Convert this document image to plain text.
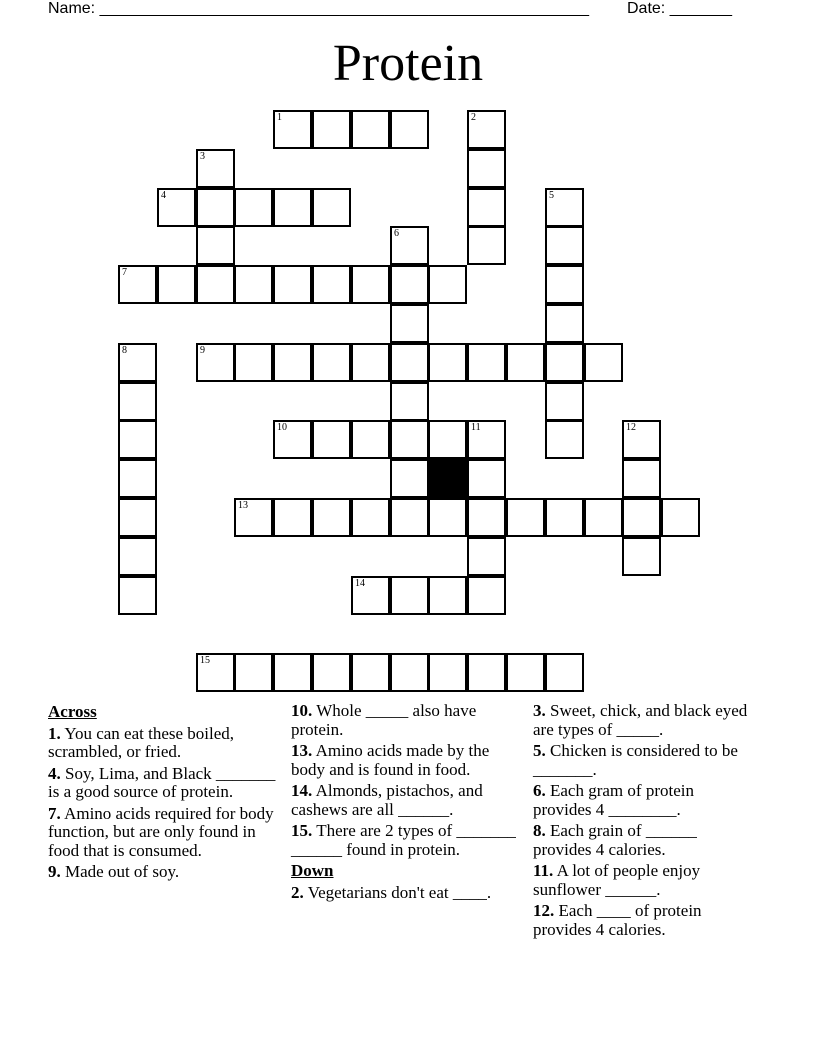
Name: _______________________________________________________ Date: _______
Protein
1
4
7
9
10	11
13
14
15
2
3
5
6
8
12
Across
1. You can eat these boiled, scrambled, or fried.
4. Soy, Lima, and Black _______ is a good source of protein.
7. Amino acids required for body function, but are only found in food that is consumed.
9. Made out of soy.
10. Whole _____ also have protein.
13. Amino acids made by the body and is found in food.
14. Almonds, pistachos, and cashews are all ______.
15. There are 2 types of _______ ______ found in protein.
Down
2. Vegetarians don't eat ____.
3. Sweet, chick, and black eyed are types of _____.
5. Chicken is considered to be _______.
6. Each gram of protein provides 4 ________.
8. Each grain of ______ provides 4 calories.
11. A lot of people enjoy sunflower ______.
12. Each ____ of protein provides 4 calories.
